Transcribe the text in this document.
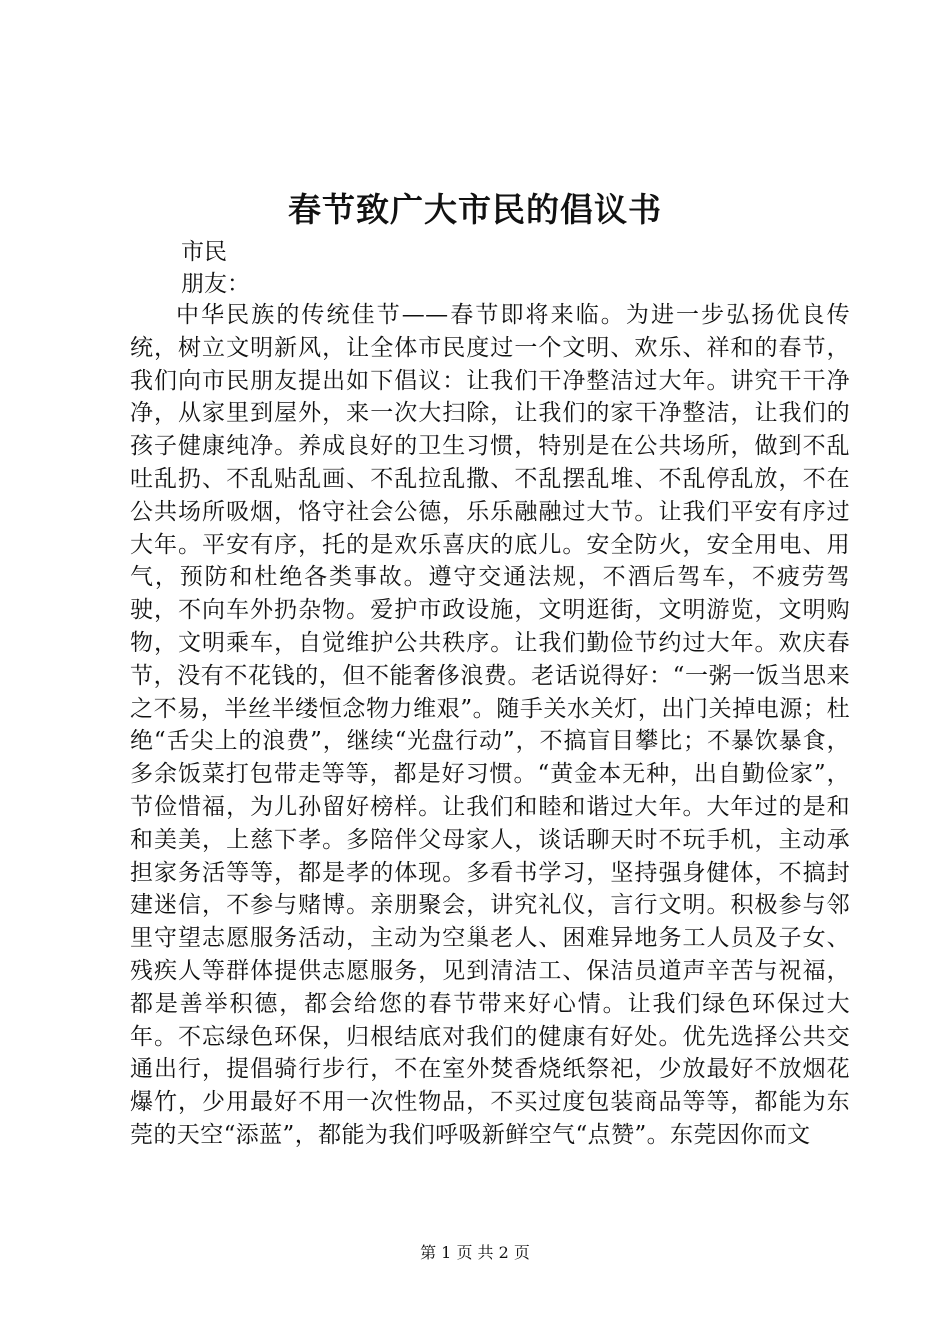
春节致广大市民的倡议书
市民
朋友：
中华民族的传统佳节——春节即将来临。为进一步弘扬优良传统，树立文明新风，让全体市民度过一个文明、欢乐、祥和的春节，我们向市民朋友提出如下倡议：让我们干净整洁过大年。讲究干干净净，从家里到屋外，来一次大扫除，让我们的家干净整洁，让我们的孩子健康纯净。养成良好的卫生习惯，特别是在公共场所，做到不乱吐乱扔、不乱贴乱画、不乱拉乱撒、不乱摆乱堆、不乱停乱放，不在公共场所吸烟，恪守社会公德，乐乐融融过大节。让我们平安有序过大年。平安有序，托的是欢乐喜庆的底儿。安全防火，安全用电、用气，预防和杜绝各类事故。遵守交通法规，不酒后驾车，不疲劳驾驶，不向车外扔杂物。爱护市政设施，文明逛街，文明游览，文明购物，文明乘车，自觉维护公共秩序。让我们勤俭节约过大年。欢庆春节，没有不花钱的，但不能奢侈浪费。老话说得好：“一粥一饭当思来之不易，半丝半缕恒念物力维艰”。随手关水关灯，出门关掉电源；杜绝“舌尖上的浪费”，继续“光盘行动”，不搞盲目攀比；不暴饮暴食，多余饭菜打包带走等等，都是好习惯。“黄金本无种，出自勤俭家”，节俭惜福，为儿孙留好榜样。让我们和睦和谐过大年。大年过的是和和美美，上慈下孝。多陪伴父母家人，谈话聊天时不玩手机，主动承担家务活等等，都是孝的体现。多看书学习，坚持强身健体，不搞封建迷信，不参与赌博。亲朋聚会，讲究礼仪，言行文明。积极参与邻里守望志愿服务活动，主动为空巢老人、困难异地务工人员及子女、残疾人等群体提供志愿服务，见到清洁工、保洁员道声辛苦与祝福，都是善举积德，都会给您的春节带来好心情。让我们绿色环保过大年。不忘绿色环保，归根结底对我们的健康有好处。优先选择公共交通出行，提倡骑行步行，不在室外焚香烧纸祭祀，少放最好不放烟花爆竹，少用最好不用一次性物品，不买过度包装商品等等，都能为东莞的天空“添蓝”，都能为我们呼吸新鲜空气“点赞”。东莞因你而文
第 1 页 共 2 页
